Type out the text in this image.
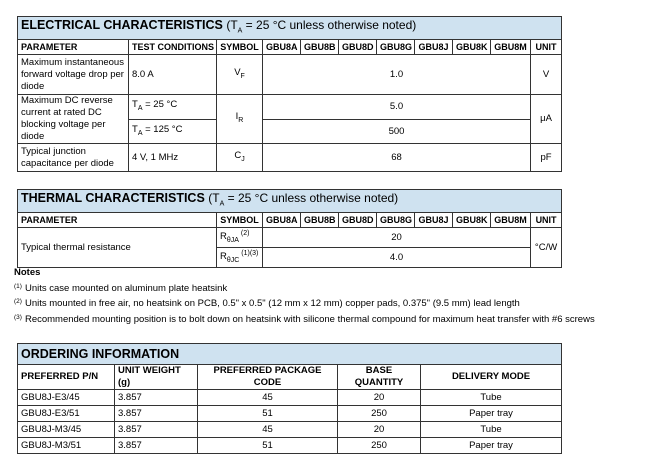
ELECTRICAL CHARACTERISTICS ($T_A = 25$ °C unless otherwise noted)										
PARAMETER	TEST CONDITIONS	SYMBOL	GBU8A	GBU8B	GBU8D	GBU8G	GBU8J	GBU8K	GBU8M	UNIT
Maximum instantaneous forward voltage drop per diode	8.0 A	$V_F$	1.0							V
Maximum DC reverse current at rated DC blocking voltage per diode	$T_A = 25$ °C	$I_R$	5.0							μA
	$T_A = 125$ °C		500							
Typical junction capacitance per diode	4 V, 1 MHz	$C_J$	68							pF
THERMAL CHARACTERISTICS ($T_A = 25$ °C unless otherwise noted)									
PARAMETER	SYMBOL	GBU8A	GBU8B	GBU8D	GBU8G	GBU8J	GBU8K	GBU8M	UNIT
Typical thermal resistance	$R_{\theta JA}$ $^{(2)}$	20							°C/W
	$R_{\theta JC}$ $^{(1)(3)}$	4.0							
Notes
$^{(1)}$ Units case mounted on aluminum plate heatsink
$^{(2)}$ Units mounted in free air, no heatsink on PCB, 0.5" x 0.5" (12 mm x 12 mm) copper pads, 0.375" (9.5 mm) lead length
$^{(3)}$ Recommended mounting position is to bolt down on heatsink with silicone thermal compound for maximum heat transfer with #6 screws
ORDERING INFORMATION				
PREFERRED P/N	UNIT WEIGHT (g)	PREFERRED PACKAGE CODE	BASE QUANTITY	DELIVERY MODE
GBU8J-E3/45	3.857	45	20	Tube
GBU8J-E3/51	3.857	51	250	Paper tray
GBU8J-M3/45	3.857	45	20	Tube
GBU8J-M3/51	3.857	51	250	Paper tray
